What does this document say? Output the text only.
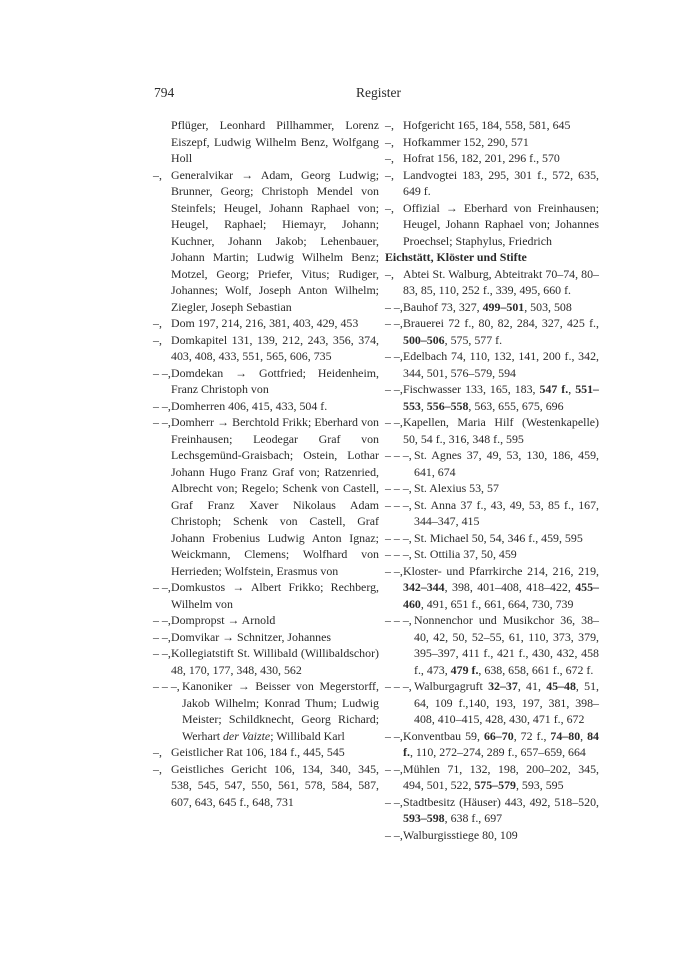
794	Register
Pflüger, Leonhard Pillhammer, Lorenz Eiszepf, Ludwig Wilhelm Benz, Wolfgang Holl
–, Generalvikar → Adam, Georg Ludwig; Brunner, Georg; Christoph Mendel von Steinfels; Heugel, Johann Raphael von; Heugel, Raphael; Hiemayr, Johann; Kuchner, Johann Jakob; Lehenbauer, Johann Martin; Ludwig Wilhelm Benz; Motzel, Georg; Priefer, Vitus; Rudiger, Johannes; Wolf, Joseph Anton Wilhelm; Ziegler, Joseph Sebastian
–, Dom 197, 214, 216, 381, 403, 429, 453
–, Domkapitel 131, 139, 212, 243, 356, 374, 403, 408, 433, 551, 565, 606, 735
– –, Domdekan → Gottfried; Heidenheim, Franz Christoph von
– –, Domherren 406, 415, 433, 504 f.
– –, Domherr → Berchtold Frikk; Eberhard von Freinhausen; Leodegar Graf von Lechsgemünd-Graisbach; Ostein, Lothar Johann Hugo Franz Graf von; Ratzenried, Albrecht von; Regelo; Schenk von Castell, Graf Franz Xaver Nikolaus Adam Christoph; Schenk von Castell, Graf Johann Frobenius Ludwig Anton Ignaz; Weickmann, Clemens; Wolfhard von Herrieden; Wolfstein, Erasmus von
– –, Domkustos → Albert Frikko; Rechberg, Wilhelm von
– –, Dompropst → Arnold
– –, Domvikar → Schnitzer, Johannes
– –, Kollegiatstift St. Willibald (Willibaldschor) 48, 170, 177, 348, 430, 562
– – –, Kanoniker → Beisser von Megerstorff, Jakob Wilhelm; Konrad Thum; Ludwig Meister; Schildknecht, Georg Richard; Werhart der Vaizte; Willibald Karl
–, Geistlicher Rat 106, 184 f., 445, 545
–, Geistliches Gericht 106, 134, 340, 345, 538, 545, 547, 550, 561, 578, 584, 587, 607, 643, 645 f., 648, 731
–, Hofgericht 165, 184, 558, 581, 645
–, Hofkammer 152, 290, 571
–, Hofrat 156, 182, 201, 296 f., 570
–, Landvogtei 183, 295, 301 f., 572, 635, 649 f.
–, Offizial → Eberhard von Freinhausen; Heugel, Johann Raphael von; Johannes Proechsel; Staphylus, Friedrich
Eichstätt, Klöster und Stifte
–, Abtei St. Walburg, Abteitrakt 70–74, 80–83, 85, 110, 252 f., 339, 495, 660 f.
– –, Bauhof 73, 327, 499–501, 503, 508
– –, Brauerei 72 f., 80, 82, 284, 327, 425 f., 500–506, 575, 577 f.
– –, Edelbach 74, 110, 132, 141, 200 f., 342, 344, 501, 576–579, 594
– –, Fischwasser 133, 165, 183, 547 f., 551–553, 556–558, 563, 655, 675, 696
– –, Kapellen, Maria Hilf (Westenkapelle) 50, 54 f., 316, 348 f., 595
– – –, St. Agnes 37, 49, 53, 130, 186, 459, 641, 674
– – –, St. Alexius 53, 57
– – –, St. Anna 37 f., 43, 49, 53, 85 f., 167, 344–347, 415
– – –, St. Michael 50, 54, 346 f., 459, 595
– – –, St. Ottilia 37, 50, 459
– –, Kloster- und Pfarrkirche 214, 216, 219, 342–344, 398, 401–408, 418–422, 455–460, 491, 651 f., 661, 664, 730, 739
– – –, Nonnenchor und Musikchor 36, 38–40, 42, 50, 52–55, 61, 110, 373, 379, 395–397, 411 f., 421 f., 430, 432, 458 f., 473, 479 f., 638, 658, 661 f., 672 f.
– – –, Walburgagruft 32–37, 41, 45–48, 51, 64, 109 f.,140, 193, 197, 381, 398–408, 410–415, 428, 430, 471 f., 672
– –, Konventbau 59, 66–70, 72 f., 74–80, 84 f., 110, 272–274, 289 f., 657–659, 664
– –, Mühlen 71, 132, 198, 200–202, 345, 494, 501, 522, 575–579, 593, 595
– –, Stadtbesitz (Häuser) 443, 492, 518–520, 593–598, 638 f., 697
– –, Walburgisstiege 80, 109
